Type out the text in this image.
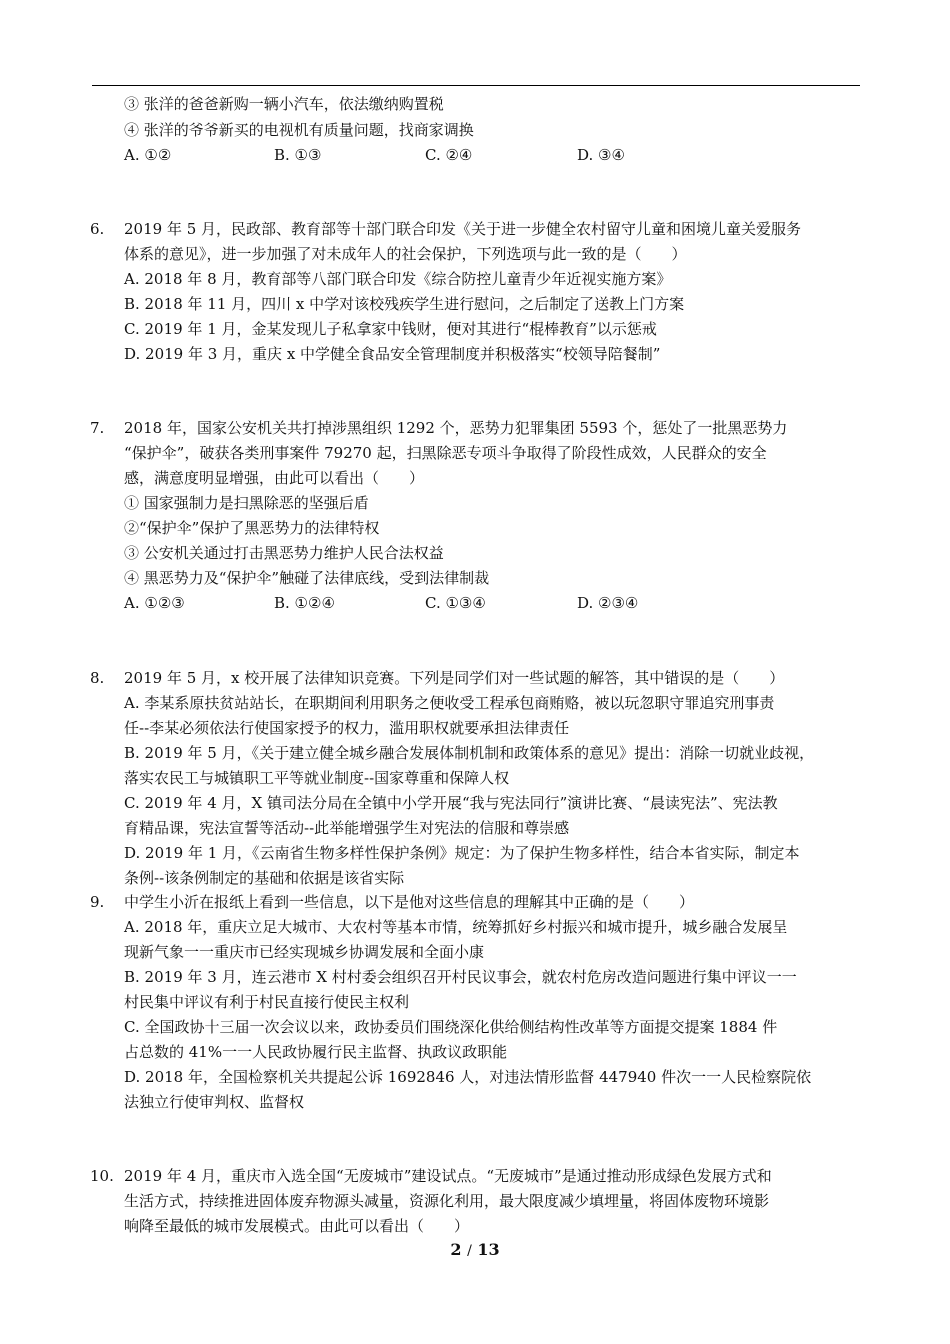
③ 张洋的爸爸新购一辆小汽车，依法缴纳购置税
④ 张洋的爷爷新买的电视机有质量问题，找商家调换
A. ①②	B. ①③	C. ②④	D. ③④
6. 2019 年 5 月，民政部、教育部等十部门联合印发《关于进一步健全农村留守儿童和困境儿童关爱服务
体系的意见》，进一步加强了对未成年人的社会保护，下列选项与此一致的是（　　）
A. 2018 年 8 月，教育部等八部门联合印发《综合防控儿童青少年近视实施方案》
B. 2018 年 11 月，四川 x 中学对该校残疾学生进行慰问，之后制定了送教上门方案
C. 2019 年 1 月，金某发现儿子私拿家中钱财，便对其进行“棍棒教育”以示惩戒
D. 2019 年 3 月，重庆 x 中学健全食品安全管理制度并积极落实“校领导陪餐制”
7. 2018 年，国家公安机关共打掉涉黑组织 1292 个，恶势力犯罪集团 5593 个，惩处了一批黑恶势力
“保护伞”，破获各类刑事案件 79270 起，扫黑除恶专项斗争取得了阶段性成效，人民群众的安全
感，满意度明显增强，由此可以看出（　　）
① 国家强制力是扫黑除恶的坚强后盾
②“保护伞”保护了黑恶势力的法律特权
③ 公安机关通过打击黑恶势力维护人民合法权益
④ 黑恶势力及“保护伞”触碰了法律底线，受到法律制裁
A. ①②③	B. ①②④	C. ①③④	D. ②③④
8. 2019 年 5 月，x 校开展了法律知识竞赛。下列是同学们对一些试题的解答，其中错误的是（　　）
A. 李某系原扶贫站站长，在职期间利用职务之便收受工程承包商贿赂，被以玩忽职守罪追究刑事责
任--李某必须依法行使国家授予的权力，滥用职权就要承担法律责任
B. 2019 年 5 月，《关于建立健全城乡融合发展体制机制和政策体系的意见》提出：消除一切就业歧视，
落实农民工与城镇职工平等就业制度--国家尊重和保障人权
C. 2019 年 4 月，X 镇司法分局在全镇中小学开展“我与宪法同行”演讲比赛、“晨读宪法”、宪法教
育精品课，宪法宣誓等活动--此举能增强学生对宪法的信服和尊崇感
D. 2019 年 1 月，《云南省生物多样性保护条例》规定：为了保护生物多样性，结合本省实际，制定本
条例--该条例制定的基础和依据是该省实际
9. 中学生小沂在报纸上看到一些信息，以下是他对这些信息的理解其中正确的是（　　）
A. 2018 年，重庆立足大城市、大农村等基本市情，统筹抓好乡村振兴和城市提升，城乡融合发展呈
现新气象一一重庆市已经实现城乡协调发展和全面小康
B. 2019 年 3 月，连云港市 X 村村委会组织召开村民议事会，就农村危房改造问题进行集中评议一一
村民集中评议有利于村民直接行使民主权利
C. 全国政协十三届一次会议以来，政协委员们围绕深化供给侧结构性改革等方面提交提案 1884 件
占总数的 41%一一人民政协履行民主监督、执政议政职能
D. 2018 年，全国检察机关共提起公诉 1692846 人，对违法情形监督 447940 件次一一人民检察院依
法独立行使审判权、监督权
10. 2019 年 4 月，重庆市入选全国“无废城市”建设试点。“无废城市”是通过推动形成绿色发展方式和
生活方式，持续推进固体废弃物源头减量，资源化利用，最大限度减少填埋量，将固体废物环境影
响降至最低的城市发展模式。由此可以看出（　　）
2 / 13
